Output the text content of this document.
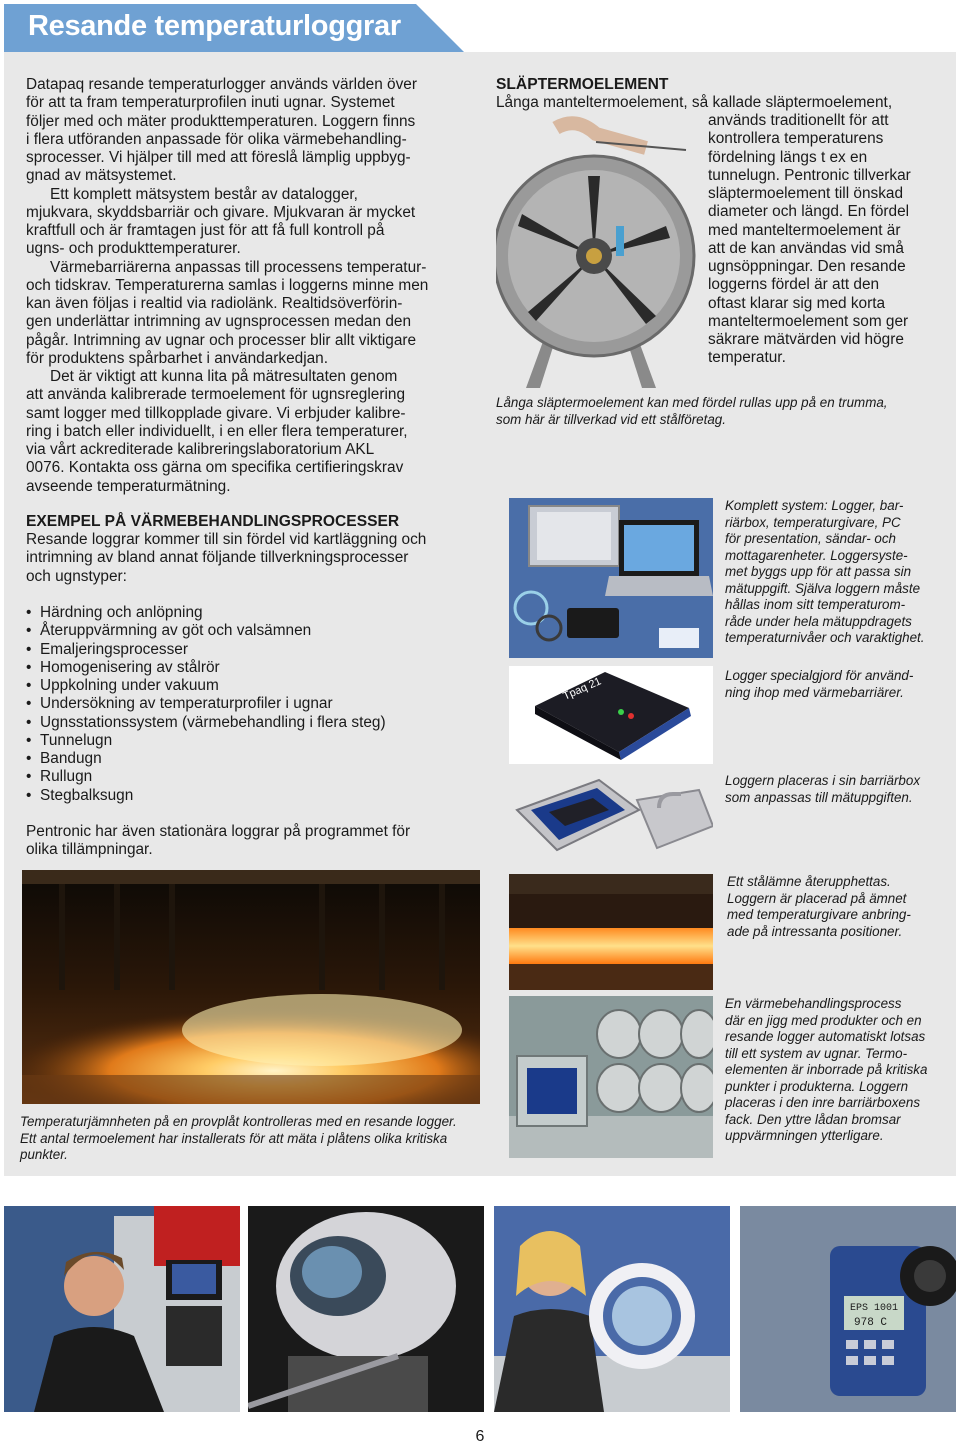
Resande temperaturloggrar

Datapaq resande temperaturlogger används världen över
för att ta fram temperaturprofilen inuti ugnar. Systemet
följer med och mäter produkttemperaturen. Loggern finns
i flera utföranden anpassade för olika värmebehandling-
sprocesser. Vi hjälper till med att föreslå lämplig uppbyg-
gnad av mätsystemet.

Ett komplett mätsystem består av datalogger,
mjukvara, skyddsbarriär och givare. Mjukvaran är mycket
kraftfull och är framtagen just för att få full kontroll på
ugns- och produkttemperaturer.

Värmebarriärerna anpassas till processens temperatur-
och tidskrav. Temperaturerna samlas i loggerns minne men
kan även följas i realtid via radiolänk. Realtidsöverförin-
gen underlättar intrimning av ugnsprocessen medan den
pågår. Intrimning av ugnar och processer blir allt viktigare
för produktens spårbarhet i användarkedjan.

Det är viktigt att kunna lita på mätresultaten genom
att använda kalibrerade termoelement för ugnsreglering
samt logger med tillkopplade givare. Vi erbjuder kalibre-
ring i batch eller individuellt, i en eller flera temperaturer,
via vårt ackrediterade kalibreringslaboratorium AKL
0076. Kontakta oss gärna om specifika certifieringskrav
avseende temperaturmätning.

EXEMPEL PÅ VÄRMEBEHANDLINGSPROCESSER
Resande loggrar kommer till sin fördel vid kartläggning och
intrimning av bland annat följande tillverkningsprocesser
och ugnstyper:
• Härdning och anlöpning
• Återuppvärmning av göt och valsämnen
• Emaljeringsprocesser
• Homogenisering av stålrör
• Uppkolning under vakuum
• Undersökning av temperaturprofiler i ugnar
• Ugnsstationssystem (värmebehandling i flera steg)
• Tunnelugn
• Bandugn
• Rullugn
• Stegbalksugn
Pentronic har även stationära loggrar på programmet för
olika tillämpningar.
Temperaturjämnheten på en provplåt kontrolleras med en resande logger.
Ett antal termoelement har installerats för att mäta i plåtens olika kritiska
punkter.
SLÄPTERMOELEMENT
Långa manteltermoelement, så kallade släptermoelement,
används traditionellt för att
kontrollera temperaturens
fördelning längs t ex en
tunnelugn. Pentronic tillverkar
släptermoelement till önskad
diameter och längd. En fördel
med manteltermoelement är
att de kan användas vid små
ugnsöppningar. Den resande
loggerns fördel är att den
oftast klarar sig med korta
manteltermoelement som ger
säkrare mätvärden vid högre
temperatur.
Långa släptermoelement kan med fördel rullas upp på en trumma,
som här är tillverkad vid ett stålföretag.
Komplett system: Logger, bar-
riärbox, temperaturgivare, PC
för presentation, sändar- och
mottagarenheter. Loggersyste-
met byggs upp för att passa sin
mätuppgift. Själva loggern måste
hållas inom sitt temperaturom-
råde under hela mätuppdragets
temperaturnivåer och varaktighet.
Tpaq 21	Logger specialgjord för använd-
ning ihop med värmebarriärer.
Loggern placeras i sin barriärbox
som anpassas till mätuppgiften.
Ett stålämne återupphettas.
Loggern är placerad på ämnet
med temperaturgivare anbring-
ade på intressanta positioner.
En värmebehandlingsprocess
där en jigg med produkter och en
resande logger automatiskt lotsas
till ett system av ugnar. Termo-
elementen är inborrade på kritiska
punkter i produkterna. Loggern
placeras i den inre barriärboxens
fack. Den yttre lådan bromsar
uppvärmningen ytterligare.
EPS 1001
978 C
6
